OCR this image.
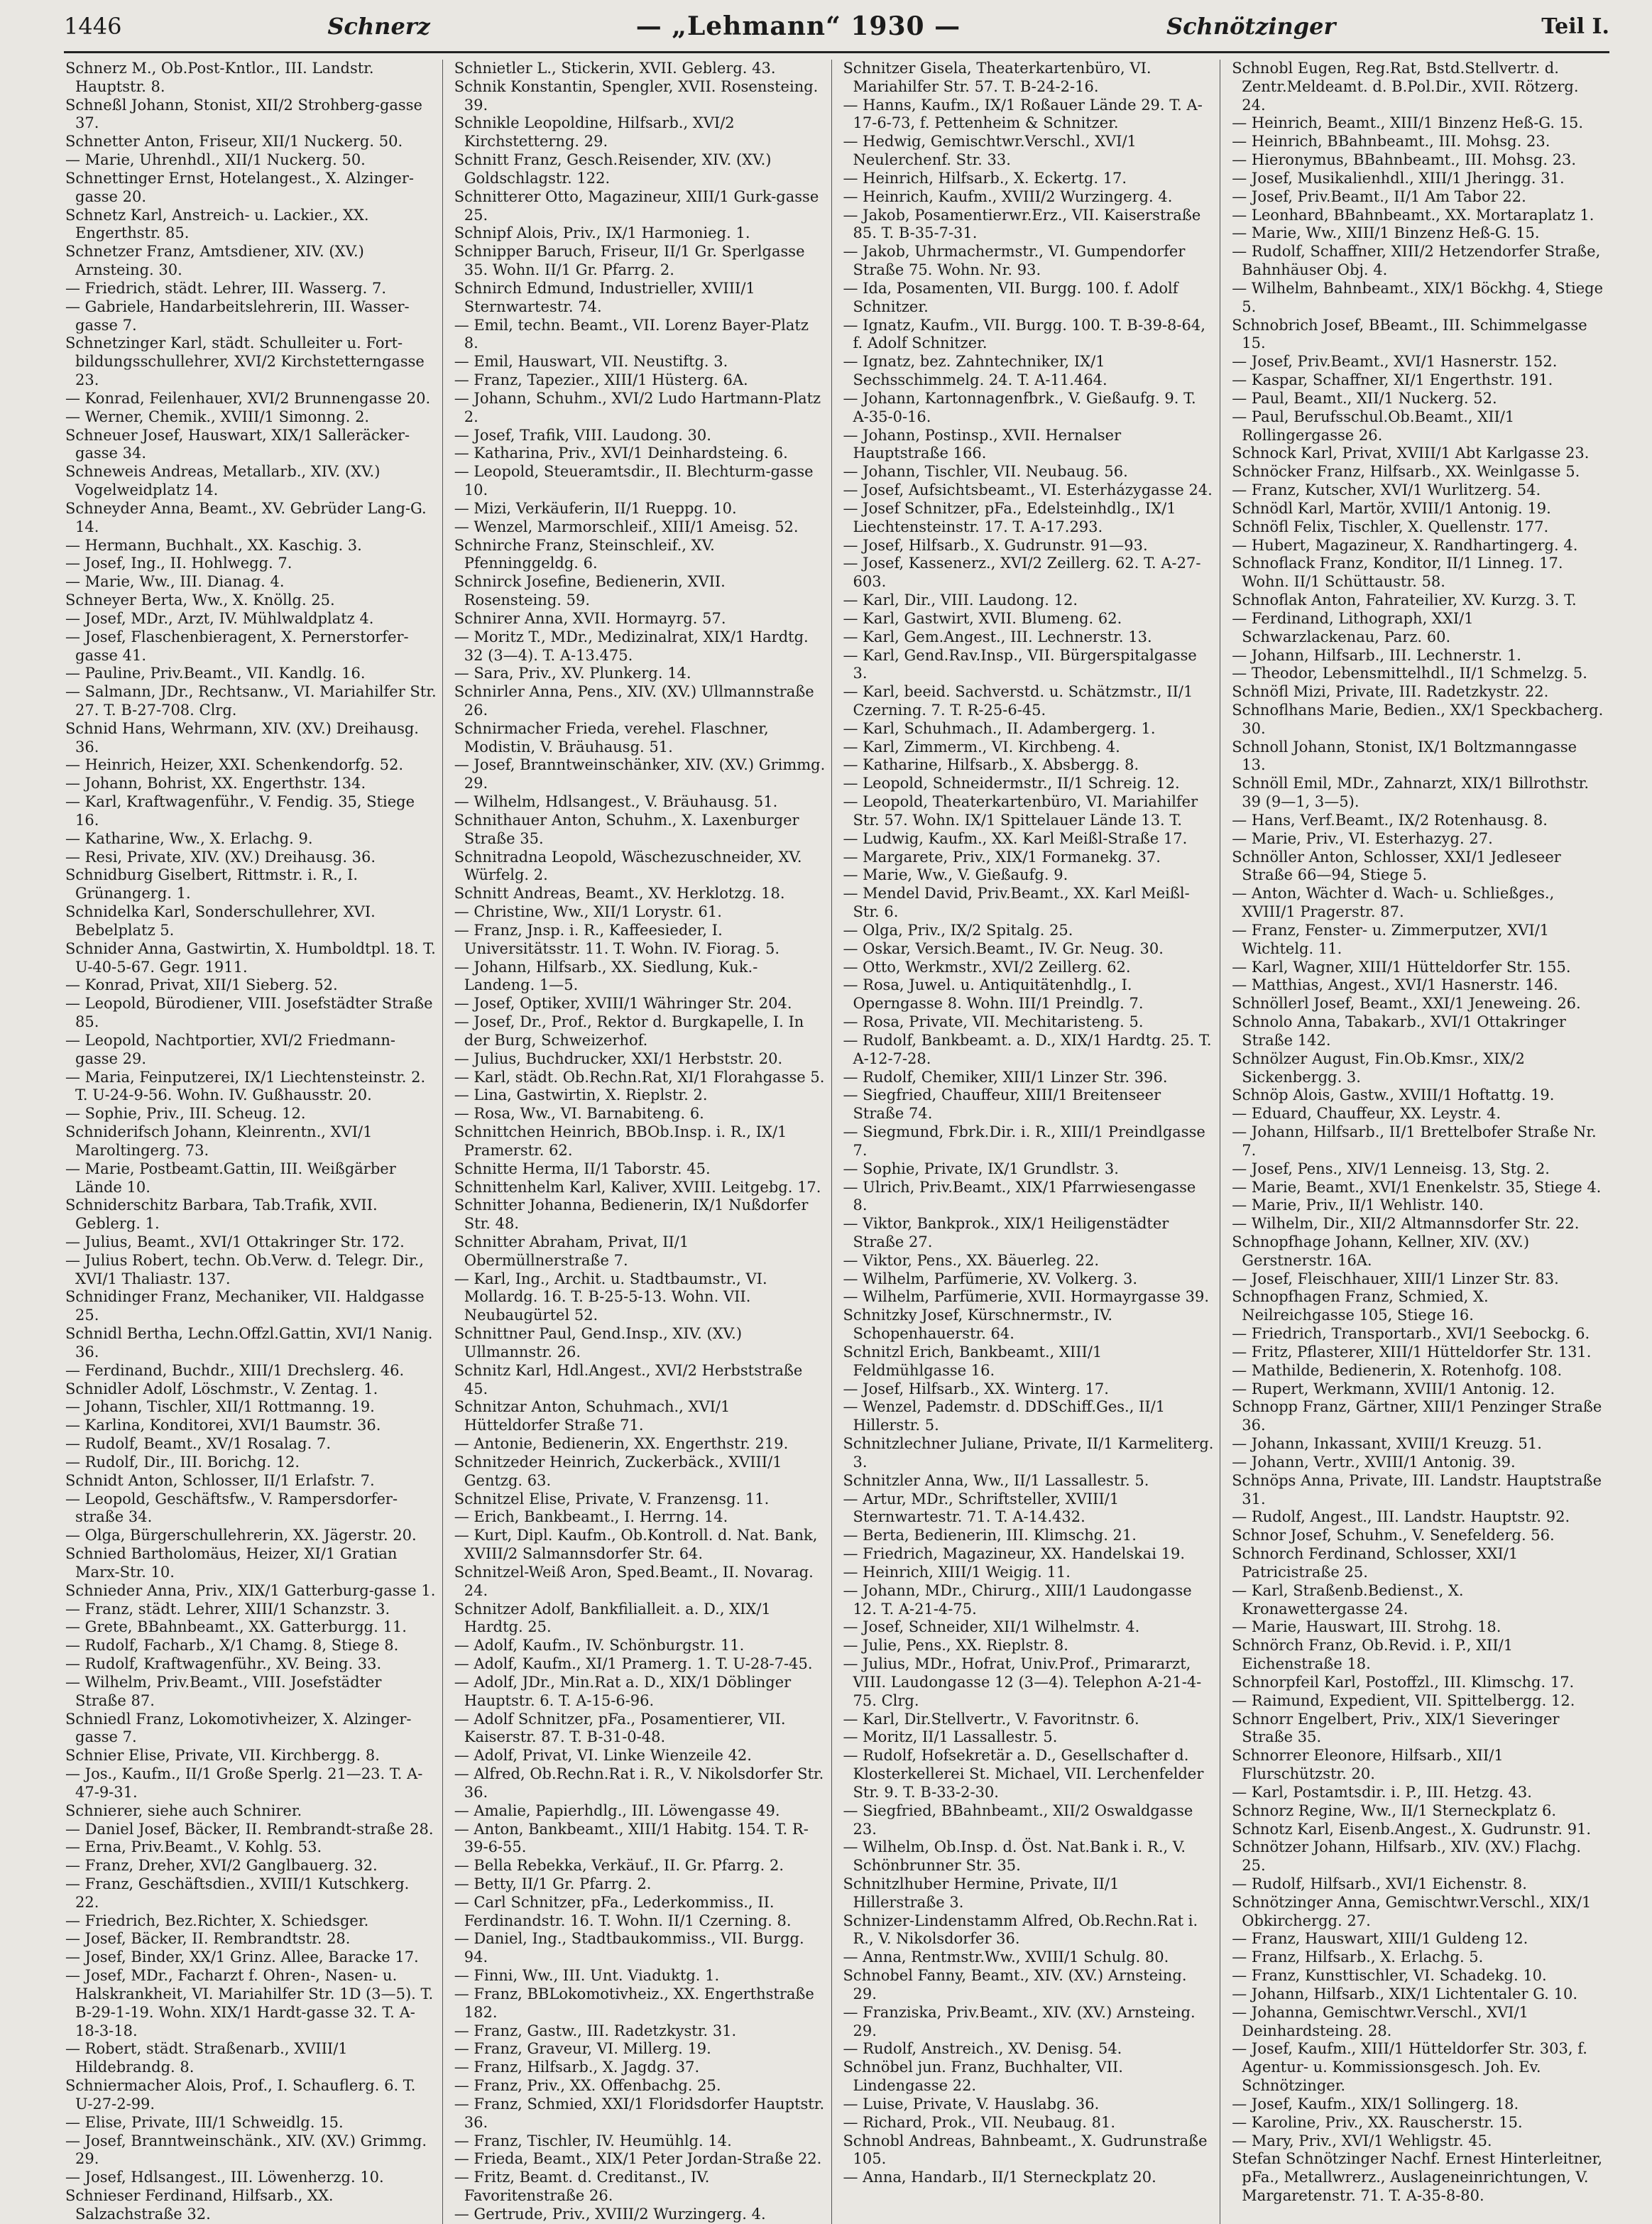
1446	Schnerz	— „Lehmann“ 1930 —	Schnötzinger	Teil I.

Schnerz M., Ob.Post-Kntlor., III. Landstr. Hauptstr. 8.

Schneßl Johann, Stonist, XII/2 Strohberg-gasse 37.

Schnetter Anton, Friseur, XII/1 Nuckerg. 50.

— Marie, Uhrenhdl., XII/1 Nuckerg. 50.

Schnettinger Ernst, Hotelangest., X. Alzinger-gasse 20.

Schnetz Karl, Anstreich- u. Lackier., XX. Engerthstr. 85.

Schnetzer Franz, Amtsdiener, XIV. (XV.) Arnsteing. 30.

— Friedrich, städt. Lehrer, III. Wasserg. 7.

— Gabriele, Handarbeitslehrerin, III. Wasser-gasse 7.

Schnetzinger Karl, städt. Schulleiter u. Fort-bildungsschullehrer, XVI/2 Kirchstetterngasse 23.

— Konrad, Feilenhauer, XVI/2 Brunnengasse 20.

— Werner, Chemik., XVIII/1 Simonng. 2.

Schneuer Josef, Hauswart, XIX/1 Salleräcker-gasse 34.

Schneweis Andreas, Metallarb., XIV. (XV.) Vogelweidplatz 14.

Schneyder Anna, Beamt., XV. Gebrüder Lang-G. 14.

— Hermann, Buchhalt., XX. Kaschig. 3.

— Josef, Ing., II. Hohlwegg. 7.

— Marie, Ww., III. Dianag. 4.

Schneyer Berta, Ww., X. Knöllg. 25.

— Josef, MDr., Arzt, IV. Mühlwaldplatz 4.

— Josef, Flaschenbieragent, X. Pernerstorfer-gasse 41.

— Pauline, Priv.Beamt., VII. Kandlg. 16.

— Salmann, JDr., Rechtsanw., VI. Mariahilfer Str. 27. T. B-27-708. Clrg.

Schnid Hans, Wehrmann, XIV. (XV.) Dreihausg. 36.

— Heinrich, Heizer, XXI. Schenkendorfg. 52.

— Johann, Bohrist, XX. Engerthstr. 134.

— Karl, Kraftwagenführ., V. Fendig. 35, Stiege 16.

— Katharine, Ww., X. Erlachg. 9.

— Resi, Private, XIV. (XV.) Dreihausg. 36.

Schnidburg Giselbert, Rittmstr. i. R., I. Grünangerg. 1.

Schnidelka Karl, Sonderschullehrer, XVI. Bebelplatz 5.

Schnider Anna, Gastwirtin, X. Humboldtpl. 18. T. U-40-5-67. Gegr. 1911.

— Konrad, Privat, XII/1 Sieberg. 52.

— Leopold, Bürodiener, VIII. Josefstädter Straße 85.

— Leopold, Nachtportier, XVI/2 Friedmann-gasse 29.

— Maria, Feinputzerei, IX/1 Liechtensteinstr. 2. T. U-24-9-56. Wohn. IV. Gußhausstr. 20.

— Sophie, Priv., III. Scheug. 12.

Schniderifsch Johann, Kleinrentn., XVI/1 Maroltingerg. 73.

— Marie, Postbeamt.Gattin, III. Weißgärber Lände 10.

Schniderschitz Barbara, Tab.Trafik, XVII. Geblerg. 1.

— Julius, Beamt., XVI/1 Ottakringer Str. 172.

— Julius Robert, techn. Ob.Verw. d. Telegr. Dir., XVI/1 Thaliastr. 137.

Schnidinger Franz, Mechaniker, VII. Haldgasse 25.

Schnidl Bertha, Lechn.Offzl.Gattin, XVI/1 Nanig. 36.

— Ferdinand, Buchdr., XIII/1 Drechslerg. 46.

Schnidler Adolf, Löschmstr., V. Zentag. 1.

— Johann, Tischler, XII/1 Rottmanng. 19.

— Karlina, Konditorei, XVI/1 Baumstr. 36.

— Rudolf, Beamt., XV/1 Rosalag. 7.

— Rudolf, Dir., III. Borichg. 12.

Schnidt Anton, Schlosser, II/1 Erlafstr. 7.

— Leopold, Geschäftsfw., V. Rampersdorfer-straße 34.

— Olga, Bürgerschullehrerin, XX. Jägerstr. 20.

Schnied Bartholomäus, Heizer, XI/1 Gratian Marx-Str. 10.

Schnieder Anna, Priv., XIX/1 Gatterburg-gasse 1.

— Franz, städt. Lehrer, XIII/1 Schanzstr. 3.

— Grete, BBahnbeamt., XX. Gatterburgg. 11.

— Rudolf, Facharb., X/1 Chamg. 8, Stiege 8.

— Rudolf, Kraftwagenführ., XV. Being. 33.

— Wilhelm, Priv.Beamt., VIII. Josefstädter Straße 87.

Schniedl Franz, Lokomotivheizer, X. Alzinger-gasse 7.

Schnier Elise, Private, VII. Kirchbergg. 8.

— Jos., Kaufm., II/1 Große Sperlg. 21—23. T. A-47-9-31.

Schnierer, siehe auch Schnirer.

— Daniel Josef, Bäcker, II. Rembrandt-straße 28.

— Erna, Priv.Beamt., V. Kohlg. 53.

— Franz, Dreher, XVI/2 Ganglbauerg. 32.

— Franz, Geschäftsdien., XVIII/1 Kutschkerg. 22.

— Friedrich, Bez.Richter, X. Schiedsger.

— Josef, Bäcker, II. Rembrandtstr. 28.

— Josef, Binder, XX/1 Grinz. Allee, Baracke 17.

— Josef, MDr., Facharzt f. Ohren-, Nasen- u. Halskrankheit, VI. Mariahilfer Str. 1D (3—5). T. B-29-1-19. Wohn. XIX/1 Hardt-gasse 32. T. A-18-3-18.

— Robert, städt. Straßenarb., XVIII/1 Hildebrandg. 8.

Schniermacher Alois, Prof., I. Schauflerg. 6. T. U-27-2-99.

— Elise, Private, III/1 Schweidlg. 15.

— Josef, Branntweinschänk., XIV. (XV.) Grimmg. 29.

— Josef, Hdlsangest., III. Löwenherzg. 10.

Schnieser Ferdinand, Hilfsarb., XX. Salzachstraße 32.

Schnietler L., Stickerin, XVII. Geblerg. 43.

Schnik Konstantin, Spengler, XVII. Rosensteing. 39.

Schnikle Leopoldine, Hilfsarb., XVI/2 Kirchstetterng. 29.

Schnitt Franz, Gesch.Reisender, XIV. (XV.) Goldschlagstr. 122.

Schnitterer Otto, Magazineur, XIII/1 Gurk-gasse 25.

Schnipf Alois, Priv., IX/1 Harmonieg. 1.

Schnipper Baruch, Friseur, II/1 Gr. Sperlgasse 35. Wohn. II/1 Gr. Pfarrg. 2.

Schnirch Edmund, Industrieller, XVIII/1 Sternwartestr. 74.

— Emil, techn. Beamt., VII. Lorenz Bayer-Platz 8.

— Emil, Hauswart, VII. Neustiftg. 3.

— Franz, Tapezier., XIII/1 Hüsterg. 6A.

— Johann, Schuhm., XVI/2 Ludo Hartmann-Platz 2.

— Josef, Trafik, VIII. Laudong. 30.

— Katharina, Priv., XVI/1 Deinhardsteing. 6.

— Leopold, Steueramtsdir., II. Blechturm-gasse 10.

— Mizi, Verkäuferin, II/1 Rueppg. 10.

— Wenzel, Marmorschleif., XIII/1 Ameisg. 52.

Schnirche Franz, Steinschleif., XV. Pfenninggeldg. 6.

Schnirck Josefine, Bedienerin, XVII. Rosensteing. 59.

Schnirer Anna, XVII. Hormayrg. 57.

— Moritz T., MDr., Medizinalrat, XIX/1 Hardtg. 32 (3—4). T. A-13.475.

— Sara, Priv., XV. Plunkerg. 14.

Schnirler Anna, Pens., XIV. (XV.) Ullmannstraße 26.

Schnirmacher Frieda, verehel. Flaschner, Modistin, V. Bräuhausg. 51.

— Josef, Branntweinschänker, XIV. (XV.) Grimmg. 29.

— Wilhelm, Hdlsangest., V. Bräuhausg. 51.

Schnithauer Anton, Schuhm., X. Laxenburger Straße 35.

Schnitradna Leopold, Wäschezuschneider, XV. Würfelg. 2.

Schnitt Andreas, Beamt., XV. Herklotzg. 18.

— Christine, Ww., XII/1 Lorystr. 61.

— Franz, Jnsp. i. R., Kaffeesieder, I. Universitätsstr. 11. T. Wohn. IV. Fiorag. 5.

— Johann, Hilfsarb., XX. Siedlung, Kuk.-Landeng. 1—5.

— Josef, Optiker, XVIII/1 Währinger Str. 204.

— Josef, Dr., Prof., Rektor d. Burgkapelle, I. In der Burg, Schweizerhof.

— Julius, Buchdrucker, XXI/1 Herbststr. 20.

— Karl, städt. Ob.Rechn.Rat, XI/1 Florahgasse 5.

— Lina, Gastwirtin, X. Rieplstr. 2.

— Rosa, Ww., VI. Barnabiteng. 6.

Schnittchen Heinrich, BBOb.Insp. i. R., IX/1 Pramerstr. 62.

Schnitte Herma, II/1 Taborstr. 45.

Schnittenhelm Karl, Kaliver, XVIII. Leitgebg. 17.

Schnitter Johanna, Bedienerin, IX/1 Nußdorfer Str. 48.

Schnitter Abraham, Privat, II/1 Obermüllnerstraße 7.

— Karl, Ing., Archit. u. Stadtbaumstr., VI. Mollardg. 16. T. B-25-5-13. Wohn. VII. Neubaugürtel 52.

Schnittner Paul, Gend.Insp., XIV. (XV.) Ullmannstr. 26.

Schnitz Karl, Hdl.Angest., XVI/2 Herbststraße 45.

Schnitzar Anton, Schuhmach., XVI/1 Hütteldorfer Straße 71.

— Antonie, Bedienerin, XX. Engerthstr. 219.

Schnitzeder Heinrich, Zuckerbäck., XVIII/1 Gentzg. 63.

Schnitzel Elise, Private, V. Franzensg. 11.

— Erich, Bankbeamt., I. Herrng. 14.

— Kurt, Dipl. Kaufm., Ob.Kontroll. d. Nat. Bank, XVIII/2 Salmannsdorfer Str. 64.

Schnitzel-Weiß Aron, Sped.Beamt., II. Novarag. 24.

Schnitzer Adolf, Bankfilialleit. a. D., XIX/1 Hardtg. 25.

— Adolf, Kaufm., IV. Schönburgstr. 11.

— Adolf, Kaufm., XI/1 Pramerg. 1. T. U-28-7-45.

— Adolf, JDr., Min.Rat a. D., XIX/1 Döblinger Hauptstr. 6. T. A-15-6-96.

— Adolf Schnitzer, pFa., Posamentierer, VII. Kaiserstr. 87. T. B-31-0-48.

— Adolf, Privat, VI. Linke Wienzeile 42.

— Alfred, Ob.Rechn.Rat i. R., V. Nikolsdorfer Str. 36.

— Amalie, Papierhdlg., III. Löwengasse 49.

— Anton, Bankbeamt., XIII/1 Habitg. 154. T. R-39-6-55.

— Bella Rebekka, Verkäuf., II. Gr. Pfarrg. 2.

— Betty, II/1 Gr. Pfarrg. 2.

— Carl Schnitzer, pFa., Lederkommiss., II. Ferdinandstr. 16. T. Wohn. II/1 Czerning. 8.

— Daniel, Ing., Stadtbaukommiss., VII. Burgg. 94.

— Finni, Ww., III. Unt. Viaduktg. 1.

— Franz, BBLokomotivheiz., XX. Engerthstraße 182.

— Franz, Gastw., III. Radetzkystr. 31.

— Franz, Graveur, VI. Millerg. 19.

— Franz, Hilfsarb., X. Jagdg. 37.

— Franz, Priv., XX. Offenbachg. 25.

— Franz, Schmied, XXI/1 Floridsdorfer Hauptstr. 36.

— Franz, Tischler, IV. Heumühlg. 14.

— Frieda, Beamt., XIX/1 Peter Jordan-Straße 22.

— Fritz, Beamt. d. Creditanst., IV. Favoritenstraße 26.

— Gertrude, Priv., XVIII/2 Wurzingerg. 4.

Schnitzer Gisela, Theaterkartenbüro, VI. Mariahilfer Str. 57. T. B-24-2-16.

— Hanns, Kaufm., IX/1 Roßauer Lände 29. T. A-17-6-73, f. Pettenheim & Schnitzer.

— Hedwig, Gemischtwr.Verschl., XVI/1 Neulerchenf. Str. 33.

— Heinrich, Hilfsarb., X. Eckertg. 17.

— Heinrich, Kaufm., XVIII/2 Wurzingerg. 4.

— Jakob, Posamentierwr.Erz., VII. Kaiserstraße 85. T. B-35-7-31.

— Jakob, Uhrmachermstr., VI. Gumpendorfer Straße 75. Wohn. Nr. 93.

— Ida, Posamenten, VII. Burgg. 100. f. Adolf Schnitzer.

— Ignatz, Kaufm., VII. Burgg. 100. T. B-39-8-64, f. Adolf Schnitzer.

— Ignatz, bez. Zahntechniker, IX/1 Sechsschimmelg. 24. T. A-11.464.

— Johann, Kartonnagenfbrk., V. Gießaufg. 9. T. A-35-0-16.

— Johann, Postinsp., XVII. Hernalser Hauptstraße 166.

— Johann, Tischler, VII. Neubaug. 56.

— Josef, Aufsichtsbeamt., VI. Esterházygasse 24.

— Josef Schnitzer, pFa., Edelsteinhdlg., IX/1 Liechtensteinstr. 17. T. A-17.293.

— Josef, Hilfsarb., X. Gudrunstr. 91—93.

— Josef, Kassenerz., XVI/2 Zeillerg. 62. T. A-27-603.

— Karl, Dir., VIII. Laudong. 12.

— Karl, Gastwirt, XVII. Blumeng. 62.

— Karl, Gem.Angest., III. Lechnerstr. 13.

— Karl, Gend.Rav.Insp., VII. Bürgerspitalgasse 3.

— Karl, beeid. Sachverstd. u. Schätzmstr., II/1 Czerning. 7. T. R-25-6-45.

— Karl, Schuhmach., II. Adambergerg. 1.

— Karl, Zimmerm., VI. Kirchbeng. 4.

— Katharine, Hilfsarb., X. Absbergg. 8.

— Leopold, Schneidermstr., II/1 Schreig. 12.

— Leopold, Theaterkartenbüro, VI. Mariahilfer Str. 57. Wohn. IX/1 Spittelauer Lände 13. T.

— Ludwig, Kaufm., XX. Karl Meißl-Straße 17.

— Margarete, Priv., XIX/1 Formanekg. 37.

— Marie, Ww., V. Gießaufg. 9.

— Mendel David, Priv.Beamt., XX. Karl Meißl-Str. 6.

— Olga, Priv., IX/2 Spitalg. 25.

— Oskar, Versich.Beamt., IV. Gr. Neug. 30.

— Otto, Werkmstr., XVI/2 Zeillerg. 62.

— Rosa, Juwel. u. Antiquitätenhdlg., I. Operngasse 8. Wohn. III/1 Preindlg. 7.

— Rosa, Private, VII. Mechitaristeng. 5.

— Rudolf, Bankbeamt. a. D., XIX/1 Hardtg. 25. T. A-12-7-28.

— Rudolf, Chemiker, XIII/1 Linzer Str. 396.

— Siegfried, Chauffeur, XIII/1 Breitenseer Straße 74.

— Siegmund, Fbrk.Dir. i. R., XIII/1 Preindlgasse 7.

— Sophie, Private, IX/1 Grundlstr. 3.

— Ulrich, Priv.Beamt., XIX/1 Pfarrwiesengasse 8.

— Viktor, Bankprok., XIX/1 Heiligenstädter Straße 27.

— Viktor, Pens., XX. Bäuerleg. 22.

— Wilhelm, Parfümerie, XV. Volkerg. 3.

— Wilhelm, Parfümerie, XVII. Hormayrgasse 39.

Schnitzky Josef, Kürschnermstr., IV. Schopenhauerstr. 64.

Schnitzl Erich, Bankbeamt., XIII/1 Feldmühlgasse 16.

— Josef, Hilfsarb., XX. Winterg. 17.

— Wenzel, Pademstr. d. DDSchiff.Ges., II/1 Hillerstr. 5.

Schnitzlechner Juliane, Private, II/1 Karmeliterg. 3.

Schnitzler Anna, Ww., II/1 Lassallestr. 5.

— Artur, MDr., Schriftsteller, XVIII/1 Sternwartestr. 71. T. A-14.432.

— Berta, Bedienerin, III. Klimschg. 21.

— Friedrich, Magazineur, XX. Handelskai 19.

— Heinrich, XIII/1 Weigig. 11.

— Johann, MDr., Chirurg., XIII/1 Laudongasse 12. T. A-21-4-75.

— Josef, Schneider, XII/1 Wilhelmstr. 4.

— Julie, Pens., XX. Rieplstr. 8.

— Julius, MDr., Hofrat, Univ.Prof., Primararzt, VIII. Laudongasse 12 (3—4). Telephon A-21-4-75. Clrg.

— Karl, Dir.Stellvertr., V. Favoritnstr. 6.

— Moritz, II/1 Lassallestr. 5.

— Rudolf, Hofsekretär a. D., Gesellschafter d. Klosterkellerei St. Michael, VII. Lerchenfelder Str. 9. T. B-33-2-30.

— Siegfried, BBahnbeamt., XII/2 Oswaldgasse 23.

— Wilhelm, Ob.Insp. d. Öst. Nat.Bank i. R., V. Schönbrunner Str. 35.

Schnitzlhuber Hermine, Private, II/1 Hillerstraße 3.

Schnizer-Lindenstamm Alfred, Ob.Rechn.Rat i. R., V. Nikolsdorfer 36.

— Anna, Rentmstr.Ww., XVIII/1 Schulg. 80.

Schnobel Fanny, Beamt., XIV. (XV.) Arnsteing. 29.

— Franziska, Priv.Beamt., XIV. (XV.) Arnsteing. 29.

— Rudolf, Anstreich., XV. Denisg. 54.

Schnöbel jun. Franz, Buchhalter, VII. Lindengasse 22.

— Luise, Private, V. Hauslabg. 36.

— Richard, Prok., VII. Neubaug. 81.

Schnobl Andreas, Bahnbeamt., X. Gudrunstraße 105.

— Anna, Handarb., II/1 Sterneckplatz 20.

Schnobl Eugen, Reg.Rat, Bstd.Stellvertr. d. Zentr.Meldeamt. d. B.Pol.Dir., XVII. Rötzerg. 24.

— Heinrich, Beamt., XIII/1 Binzenz Heß-G. 15.

— Heinrich, BBahnbeamt., III. Mohsg. 23.

— Hieronymus, BBahnbeamt., III. Mohsg. 23.

— Josef, Musikalienhdl., XIII/1 Jheringg. 31.

— Josef, Priv.Beamt., II/1 Am Tabor 22.

— Leonhard, BBahnbeamt., XX. Mortaraplatz 1.

— Marie, Ww., XIII/1 Binzenz Heß-G. 15.

— Rudolf, Schaffner, XIII/2 Hetzendorfer Straße, Bahnhäuser Obj. 4.

— Wilhelm, Bahnbeamt., XIX/1 Böckhg. 4, Stiege 5.

Schnobrich Josef, BBeamt., III. Schimmelgasse 15.

— Josef, Priv.Beamt., XVI/1 Hasnerstr. 152.

— Kaspar, Schaffner, XI/1 Engerthstr. 191.

— Paul, Beamt., XII/1 Nuckerg. 52.

— Paul, Berufsschul.Ob.Beamt., XII/1 Rollingergasse 26.

Schnock Karl, Privat, XVIII/1 Abt Karlgasse 23.

Schnöcker Franz, Hilfsarb., XX. Weinlgasse 5.

— Franz, Kutscher, XVI/1 Wurlitzerg. 54.

Schnödl Karl, Martör, XVIII/1 Antonig. 19.

Schnöfl Felix, Tischler, X. Quellenstr. 177.

— Hubert, Magazineur, X. Randhartingerg. 4.

Schnoflack Franz, Konditor, II/1 Linneg. 17. Wohn. II/1 Schüttaustr. 58.

Schnoflak Anton, Fahrateilier, XV. Kurzg. 3. T.

— Ferdinand, Lithograph, XXI/1 Schwarzlackenau, Parz. 60.

— Johann, Hilfsarb., III. Lechnerstr. 1.

— Theodor, Lebensmittelhdl., II/1 Schmelzg. 5.

Schnöfl Mizi, Private, III. Radetzkystr. 22.

Schnoflhans Marie, Bedien., XX/1 Speckbacherg. 30.

Schnoll Johann, Stonist, IX/1 Boltzmanngasse 13.

Schnöll Emil, MDr., Zahnarzt, XIX/1 Billrothstr. 39 (9—1, 3—5).

— Hans, Verf.Beamt., IX/2 Rotenhausg. 8.

— Marie, Priv., VI. Esterhazyg. 27.

Schnöller Anton, Schlosser, XXI/1 Jedleseer Straße 66—94, Stiege 5.

— Anton, Wächter d. Wach- u. Schließges., XVIII/1 Pragerstr. 87.

— Franz, Fenster- u. Zimmerputzer, XVI/1 Wichtelg. 11.

— Karl, Wagner, XIII/1 Hütteldorfer Str. 155.

— Matthias, Angest., XVI/1 Hasnerstr. 146.

Schnöllerl Josef, Beamt., XXI/1 Jeneweing. 26.

Schnolo Anna, Tabakarb., XVI/1 Ottakringer Straße 142.

Schnölzer August, Fin.Ob.Kmsr., XIX/2 Sickenbergg. 3.

Schnöp Alois, Gastw., XVIII/1 Hoftattg. 19.

— Eduard, Chauffeur, XX. Leystr. 4.

— Johann, Hilfsarb., II/1 Brettelbofer Straße Nr. 7.

— Josef, Pens., XIV/1 Lenneisg. 13, Stg. 2.

— Marie, Beamt., XVI/1 Enenkelstr. 35, Stiege 4.

— Marie, Priv., II/1 Wehlistr. 140.

— Wilhelm, Dir., XII/2 Altmannsdorfer Str. 22.

Schnopfhage Johann, Kellner, XIV. (XV.) Gerstnerstr. 16A.

— Josef, Fleischhauer, XIII/1 Linzer Str. 83.

Schnopfhagen Franz, Schmied, X. Neilreichgasse 105, Stiege 16.

— Friedrich, Transportarb., XVI/1 Seebockg. 6.

— Fritz, Pflasterer, XIII/1 Hütteldorfer Str. 131.

— Mathilde, Bedienerin, X. Rotenhofg. 108.

— Rupert, Werkmann, XVIII/1 Antonig. 12.

Schnopp Franz, Gärtner, XIII/1 Penzinger Straße 36.

— Johann, Inkassant, XVIII/1 Kreuzg. 51.

— Johann, Vertr., XVIII/1 Antonig. 39.

Schnöps Anna, Private, III. Landstr. Hauptstraße 31.

— Rudolf, Angest., III. Landstr. Hauptstr. 92.

Schnor Josef, Schuhm., V. Senefelderg. 56.

Schnorch Ferdinand, Schlosser, XXI/1 Patricistraße 25.

— Karl, Straßenb.Bedienst., X. Kronawettergasse 24.

— Marie, Hauswart, III. Strohg. 18.

Schnörch Franz, Ob.Revid. i. P., XII/1 Eichenstraße 18.

Schnorpfeil Karl, Postoffzl., III. Klimschg. 17.

— Raimund, Expedient, VII. Spittelbergg. 12.

Schnorr Engelbert, Priv., XIX/1 Sieveringer Straße 35.

Schnorrer Eleonore, Hilfsarb., XII/1 Flurschützstr. 20.

— Karl, Postamtsdir. i. P., III. Hetzg. 43.

Schnorz Regine, Ww., II/1 Sterneckplatz 6.

Schnotz Karl, Eisenb.Angest., X. Gudrunstr. 91.

Schnötzer Johann, Hilfsarb., XIV. (XV.) Flachg. 25.

— Rudolf, Hilfsarb., XVI/1 Eichenstr. 8.

Schnötzinger Anna, Gemischtwr.Verschl., XIX/1 Obkirchergg. 27.

— Franz, Hauswart, XIII/1 Guldeng 12.

— Franz, Hilfsarb., X. Erlachg. 5.

— Franz, Kunsttischler, VI. Schadekg. 10.

— Johann, Hilfsarb., XIX/1 Lichtentaler G. 10.

— Johanna, Gemischtwr.Verschl., XVI/1 Deinhardsteing. 28.

— Josef, Kaufm., XIII/1 Hütteldorfer Str. 303, f. Agentur- u. Kommissionsgesch. Joh. Ev. Schnötzinger.

— Josef, Kaufm., XIX/1 Sollingerg. 18.

— Karoline, Priv., XX. Rauscherstr. 15.

— Mary, Priv., XVI/1 Wehligstr. 45.

Stefan Schnötzinger Nachf. Ernest Hinterleitner, pFa., Metallwrerz., Auslageneinrichtungen, V. Margaretenstr. 71. T. A-35-8-80.
